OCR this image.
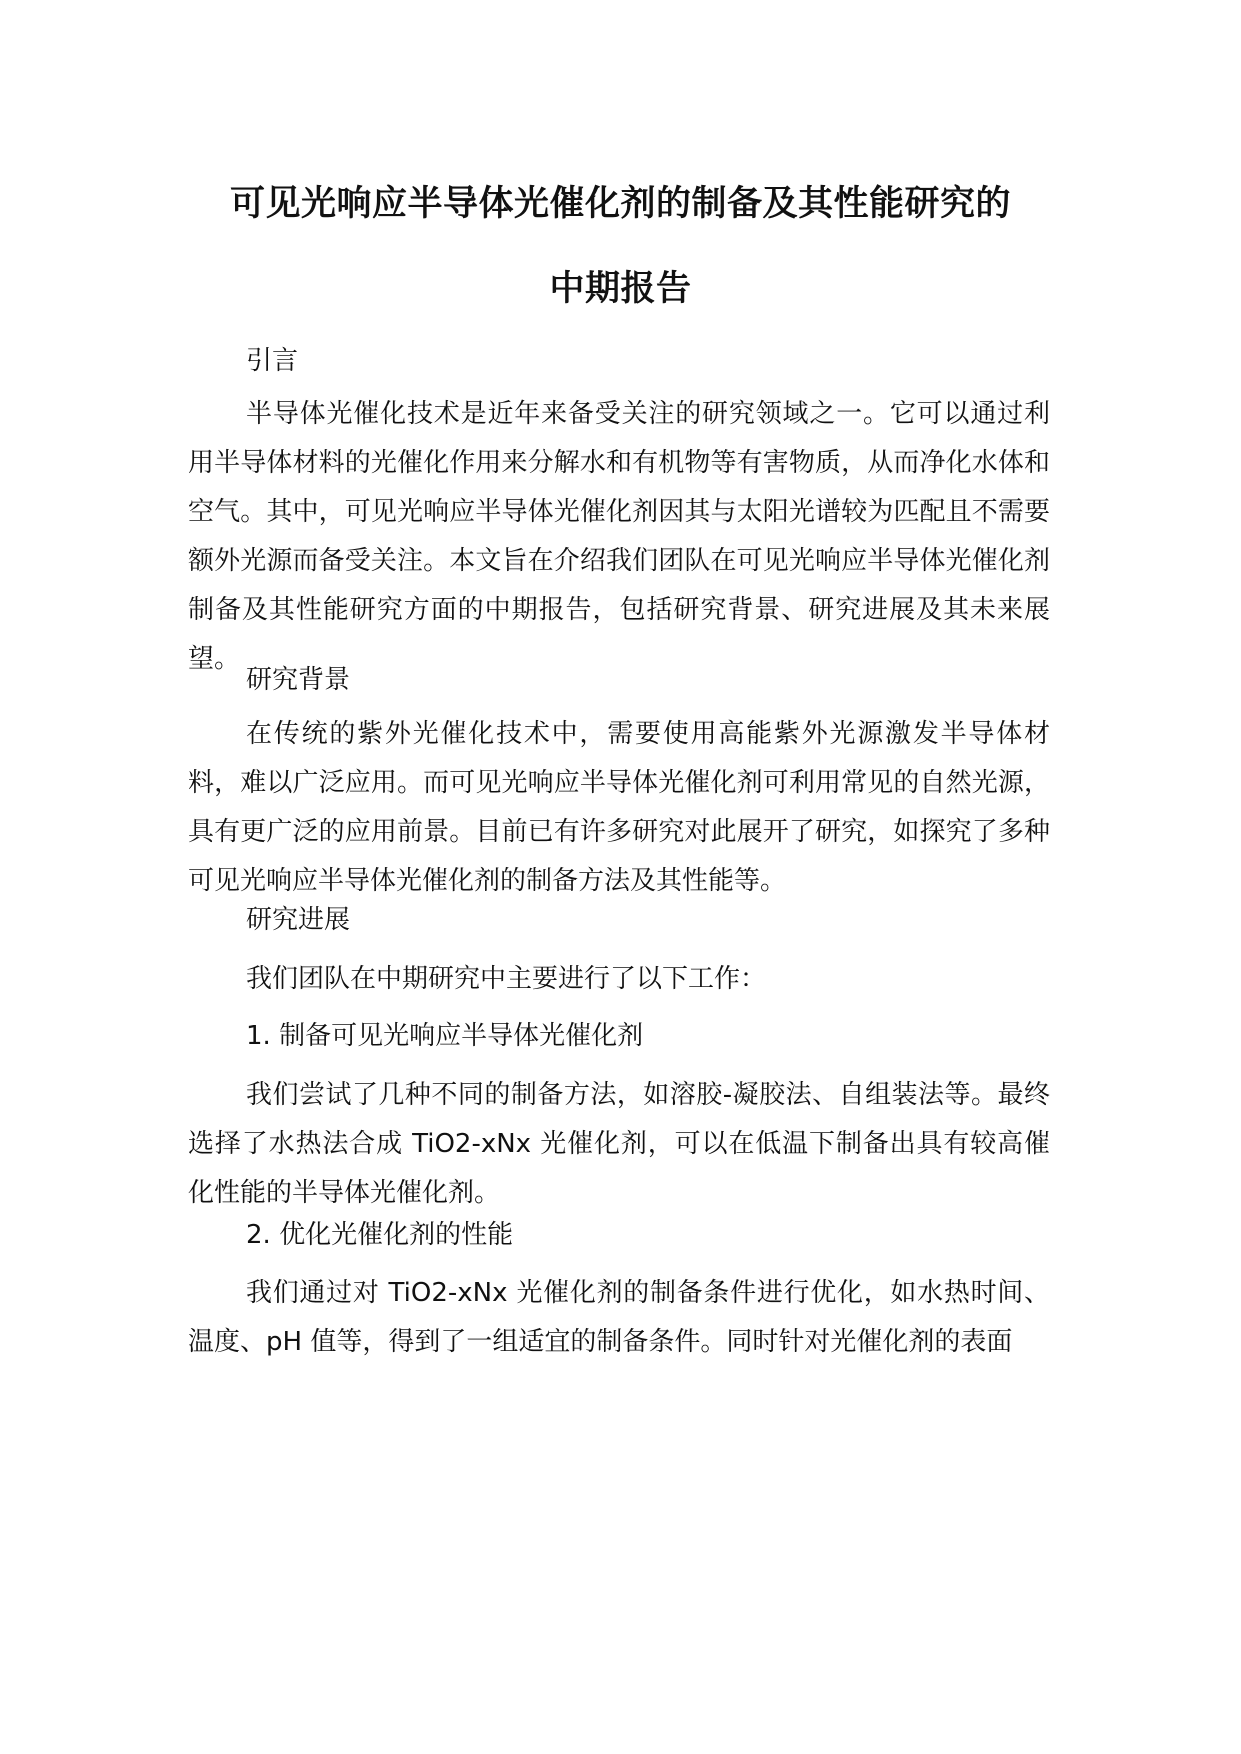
可见光响应半导体光催化剂的制备及其性能研究的
中期报告

引言

半导体光催化技术是近年来备受关注的研究领域之一。它可以通过利用半导体材料的光催化作用来分解水和有机物等有害物质，从而净化水体和空气。其中，可见光响应半导体光催化剂因其与太阳光谱较为匹配且不需要额外光源而备受关注。本文旨在介绍我们团队在可见光响应半导体光催化剂制备及其性能研究方面的中期报告，包括研究背景、研究进展及其未来展望。

研究背景

在传统的紫外光催化技术中，需要使用高能紫外光源激发半导体材料，难以广泛应用。而可见光响应半导体光催化剂可利用常见的自然光源，具有更广泛的应用前景。目前已有许多研究对此展开了研究，如探究了多种可见光响应半导体光催化剂的制备方法及其性能等。

研究进展

我们团队在中期研究中主要进行了以下工作：

1. 制备可见光响应半导体光催化剂

我们尝试了几种不同的制备方法，如溶胶-凝胶法、自组装法等。最终选择了水热法合成 TiO2-xNx 光催化剂，可以在低温下制备出具有较高催化性能的半导体光催化剂。

2. 优化光催化剂的性能

我们通过对 TiO2-xNx 光催化剂的制备条件进行优化，如水热时间、温度、pH 值等，得到了一组适宜的制备条件。同时针对光催化剂的表面
